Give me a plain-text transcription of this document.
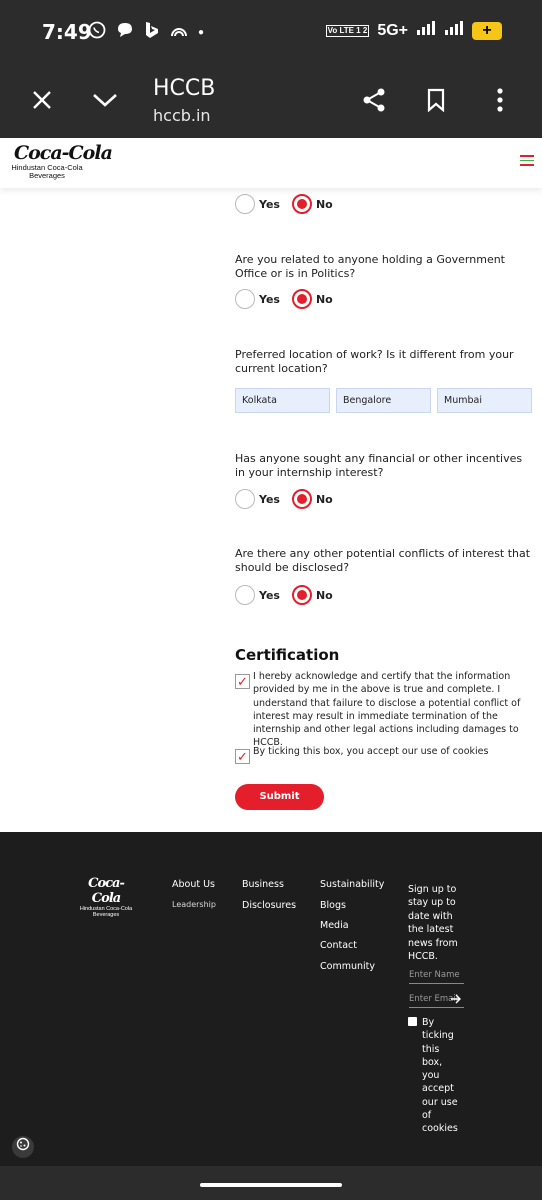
7:49	●	Vo LTE 1 2 5G+	+
HCCB
hccb.in
Coca-Cola
Hindustan Coca-Cola Beverages
Yes	No
Are you related to anyone holding a Government Office or is in Politics?
Yes	No
Preferred location of work? Is it different from your current location?
Kolkata	Bengalore	Mumbai
Has anyone sought any financial or other incentives in your internship interest?
Yes	No
Are there any other potential conflicts of interest that should be disclosed?
Yes	No
Certification
✓ I hereby acknowledge and certify that the information provided by me in the above is true and complete. I understand that failure to disclose a potential conflict of interest may result in immediate termination of the internship and other legal actions including damages to HCCB.
✓ By ticking this box, you accept our use of cookies
Submit
Coca-Cola
Hindustan Coca-Cola Beverages
About Us
Leadership
Business
Disclosures
Sustainability
Blogs
Media
Contact
Community
Sign up to stay up to date with the latest news from HCCB.
Enter Name
Enter Email
By ticking this box, you accept our use of cookies
